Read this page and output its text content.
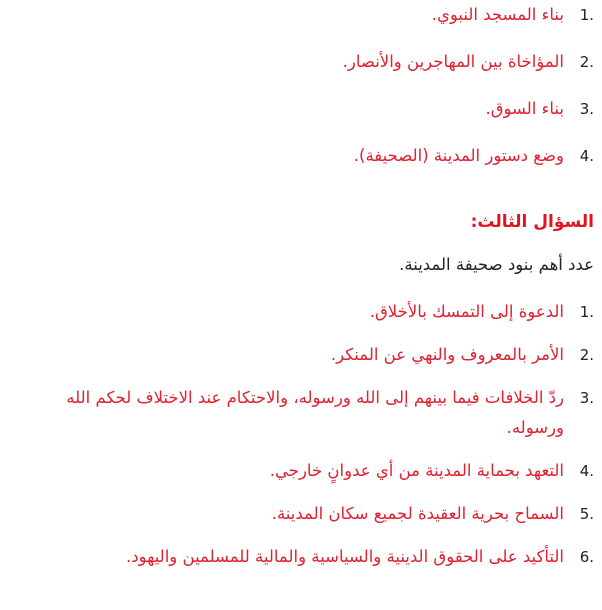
1.
بناء المسجد النبوي.
2.
المؤاخاة بين المهاجرين والأنصار.
3.
بناء السوق.
4.
وضع دستور المدينة (الصحيفة).
السؤال الثالث:
عدد أهم بنود صحيفة المدينة.
1.
الدعوة إلى التمسك بالأخلاق.
2.
الأمر بالمعروف والنهي عن المنكر.
3.
ردّ الخلافات فيما بينهم إلى الله ورسوله، والاحتكام عند الاختلاف لحكم الله ورسوله.
4.
التعهد بحماية المدينة من أي عدوانٍ خارجي.
5.
السماح بحرية العقيدة لجميع سكان المدينة.
6.
التأكيد على الحقوق الدينية والسياسية والمالية للمسلمين واليهود.
